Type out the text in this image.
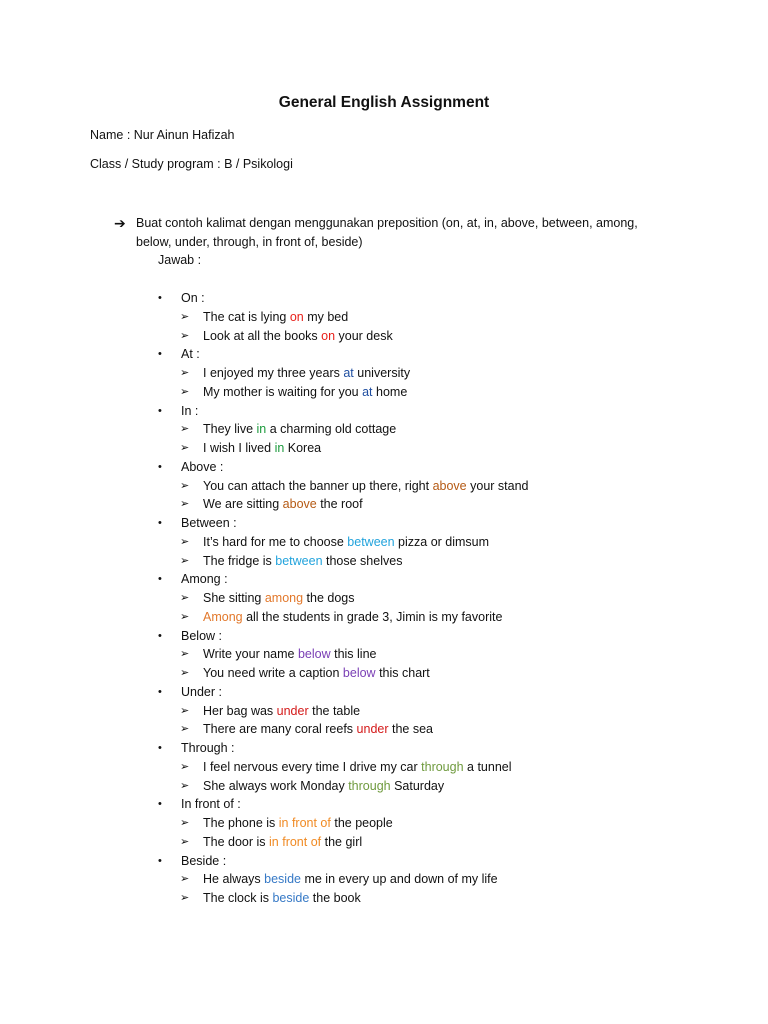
General English Assignment
Name : Nur Ainun Hafizah
Class / Study program : B / Psikologi
➔ Buat contoh kalimat dengan menggunakan preposition (on, at, in, above, between, among, below, under, through, in front of, beside)
Jawab :
• On :
➢ The cat is lying on my bed
➢ Look at all the books on your desk
• At :
➢ I enjoyed my three years at university
➢ My mother is waiting for you at home
• In :
➢ They live in a charming old cottage
➢ I wish I lived in Korea
• Above :
➢ You can attach the banner up there, right above your stand
➢ We are sitting above the roof
• Between :
➢ It’s hard for me to choose between pizza or dimsum
➢ The fridge is between those shelves
• Among :
➢ She sitting among the dogs
➢ Among all the students in grade 3, Jimin is my favorite
• Below :
➢ Write your name below this line
➢ You need write a caption below this chart
• Under :
➢ Her bag was under the table
➢ There are many coral reefs under the sea
• Through :
➢ I feel nervous every time I drive my car through a tunnel
➢ She always work Monday through Saturday
• In front of :
➢ The phone is in front of the people
➢ The door is in front of the girl
• Beside :
➢ He always beside me in every up and down of my life
➢ The clock is beside the book
